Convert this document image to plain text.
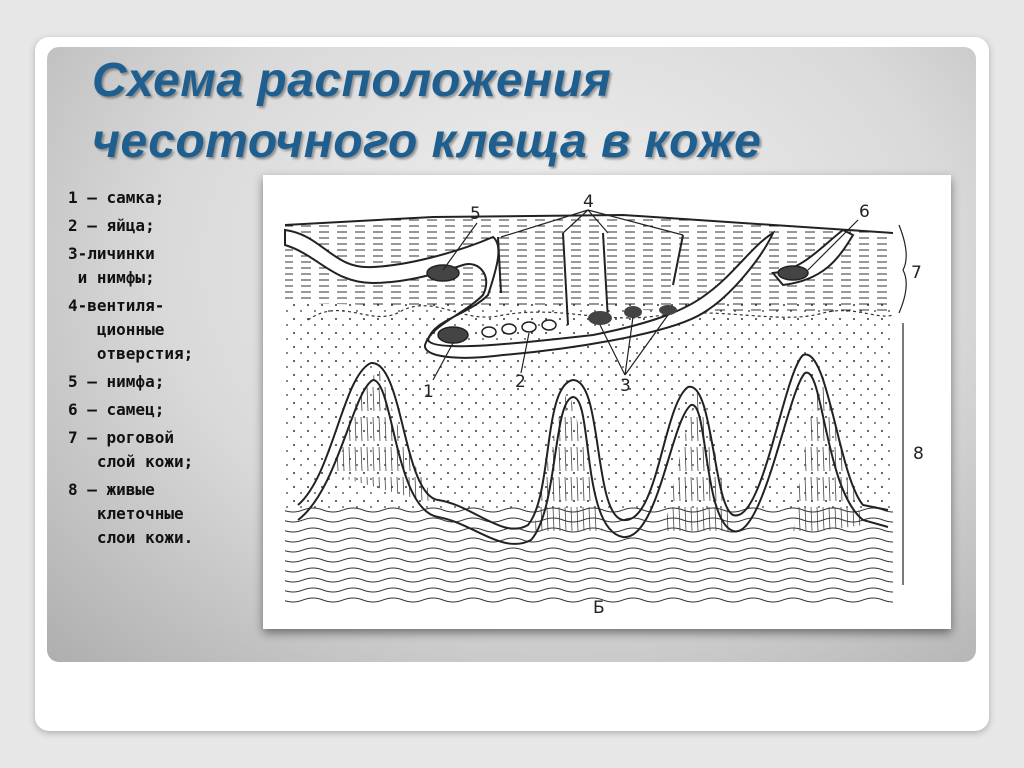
Схема расположения
чесоточного клеща в коже
1 – самка;
2 – яйца;
3-личинки
и нимфы;
4-вентиля-
ционные
отверстия;
5 – нимфа;
6 – самец;
7 – роговой
слой кожи;
8 – живые
клеточные
слои кожи.
1	2	3
4
5	6
7
8
Б
